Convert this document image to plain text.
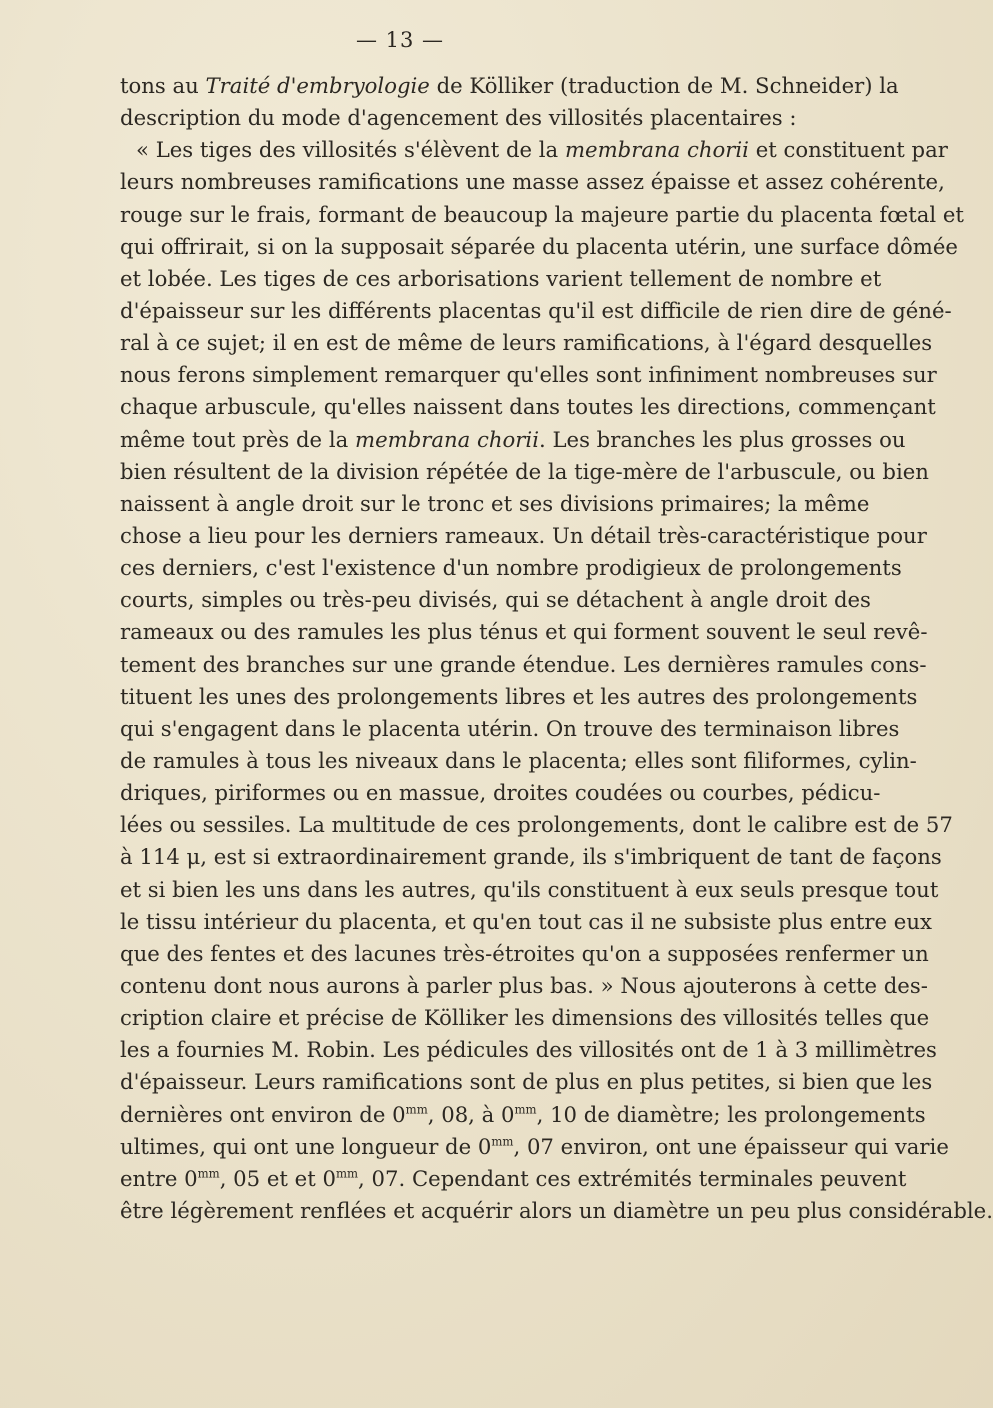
— 13 —
tons au Traité d'embryologie de Kölliker (traduction de M. Schneider) la
description du mode d'agencement des villosités placentaires :
« Les tiges des villosités s'élèvent de la membrana chorii et constituent par
leurs nombreuses ramifications une masse assez épaisse et assez cohérente,
rouge sur le frais, formant de beaucoup la majeure partie du placenta fœtal et
qui offrirait, si on la supposait séparée du placenta utérin, une surface dômée
et lobée. Les tiges de ces arborisations varient tellement de nombre et
d'épaisseur sur les différents placentas qu'il est difficile de rien dire de géné-
ral à ce sujet; il en est de même de leurs ramifications, à l'égard desquelles
nous ferons simplement remarquer qu'elles sont infiniment nombreuses sur
chaque arbuscule, qu'elles naissent dans toutes les directions, commençant
même tout près de la membrana chorii. Les branches les plus grosses ou
bien résultent de la division répétée de la tige-mère de l'arbuscule, ou bien
naissent à angle droit sur le tronc et ses divisions primaires; la même
chose a lieu pour les derniers rameaux. Un détail très-caractéristique pour
ces derniers, c'est l'existence d'un nombre prodigieux de prolongements
courts, simples ou très-peu divisés, qui se détachent à angle droit des
rameaux ou des ramules les plus ténus et qui forment souvent le seul revê-
tement des branches sur une grande étendue. Les dernières ramules cons-
tituent les unes des prolongements libres et les autres des prolongements
qui s'engagent dans le placenta utérin. On trouve des terminaison libres
de ramules à tous les niveaux dans le placenta; elles sont filiformes, cylin-
driques, piriformes ou en massue, droites coudées ou courbes, pédicu-
lées ou sessiles. La multitude de ces prolongements, dont le calibre est de 57
à 114 μ, est si extraordinairement grande, ils s'imbriquent de tant de façons
et si bien les uns dans les autres, qu'ils constituent à eux seuls presque tout
le tissu intérieur du placenta, et qu'en tout cas il ne subsiste plus entre eux
que des fentes et des lacunes très-étroites qu'on a supposées renfermer un
contenu dont nous aurons à parler plus bas. » Nous ajouterons à cette des-
cription claire et précise de Kölliker les dimensions des villosités telles que
les a fournies M. Robin. Les pédicules des villosités ont de 1 à 3 millimètres
d'épaisseur. Leurs ramifications sont de plus en plus petites, si bien que les
dernières ont environ de $0^{mm}$, 08, à $0^{mm}$, 10 de diamètre; les prolongements
ultimes, qui ont une longueur de $0^{mm}$, 07 environ, ont une épaisseur qui varie
entre $0^{mm}$, 05 et et $0^{mm}$, 07. Cependant ces extrémités terminales peuvent
être légèrement renflées et acquérir alors un diamètre un peu plus considérable.
